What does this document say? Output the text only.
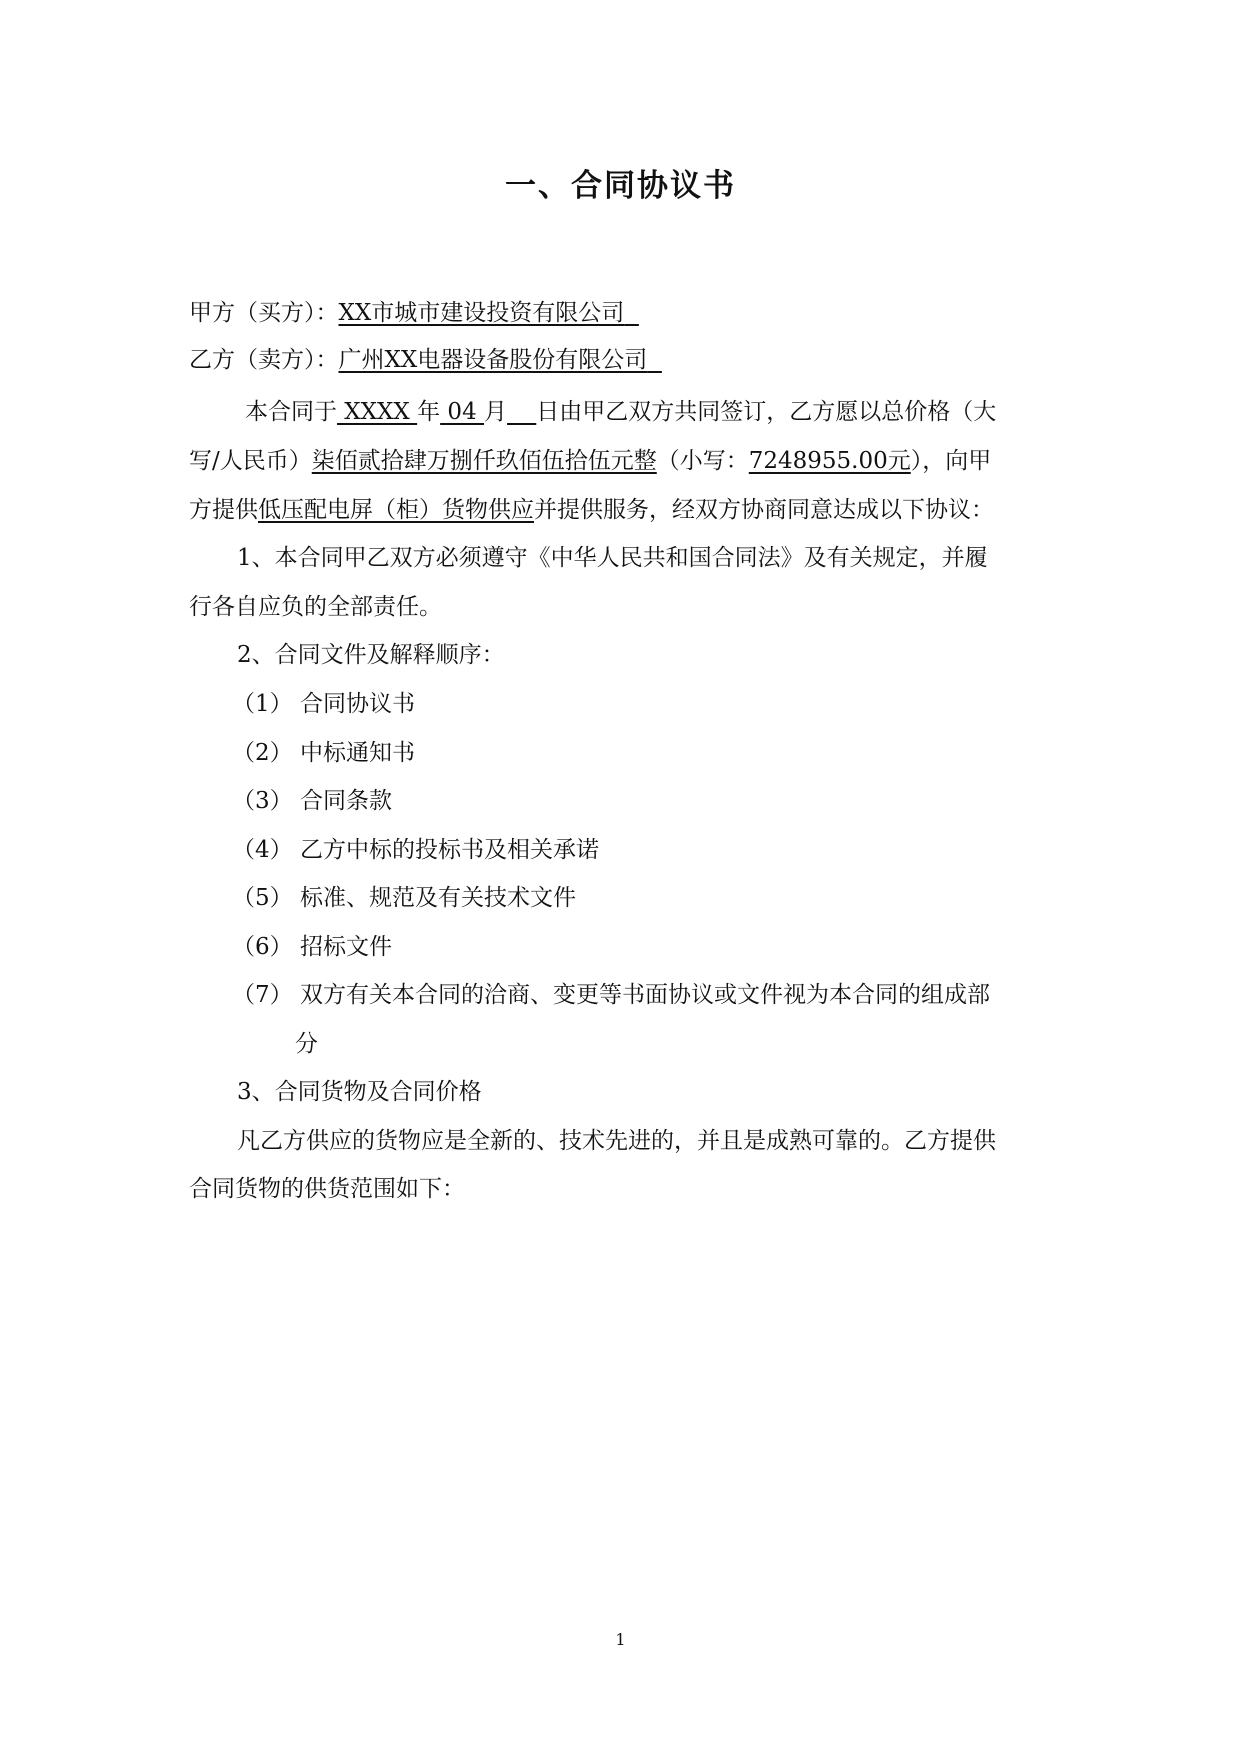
一、合同协议书
甲方（买方）：XX市城市建设投资有限公司
乙方（卖方）：广州XX电器设备股份有限公司
本合同于 XXXX 年 04 月 日由甲乙双方共同签订，乙方愿以总价格（大
写/人民币）柒佰贰拾肆万捌仟玖佰伍拾伍元整（小写：7248955.00元），向甲
方提供低压配电屏（柜）货物供应并提供服务，经双方协商同意达成以下协议：
1、本合同甲乙双方必须遵守《中华人民共和国合同法》及有关规定，并履
行各自应负的全部责任。
2、合同文件及解释顺序：
（1） 合同协议书
（2） 中标通知书
（3） 合同条款
（4） 乙方中标的投标书及相关承诺
（5） 标准、规范及有关技术文件
（6） 招标文件
（7） 双方有关本合同的洽商、变更等书面协议或文件视为本合同的组成部
分
3、合同货物及合同价格
凡乙方供应的货物应是全新的、技术先进的，并且是成熟可靠的。乙方提供
合同货物的供货范围如下：
1
